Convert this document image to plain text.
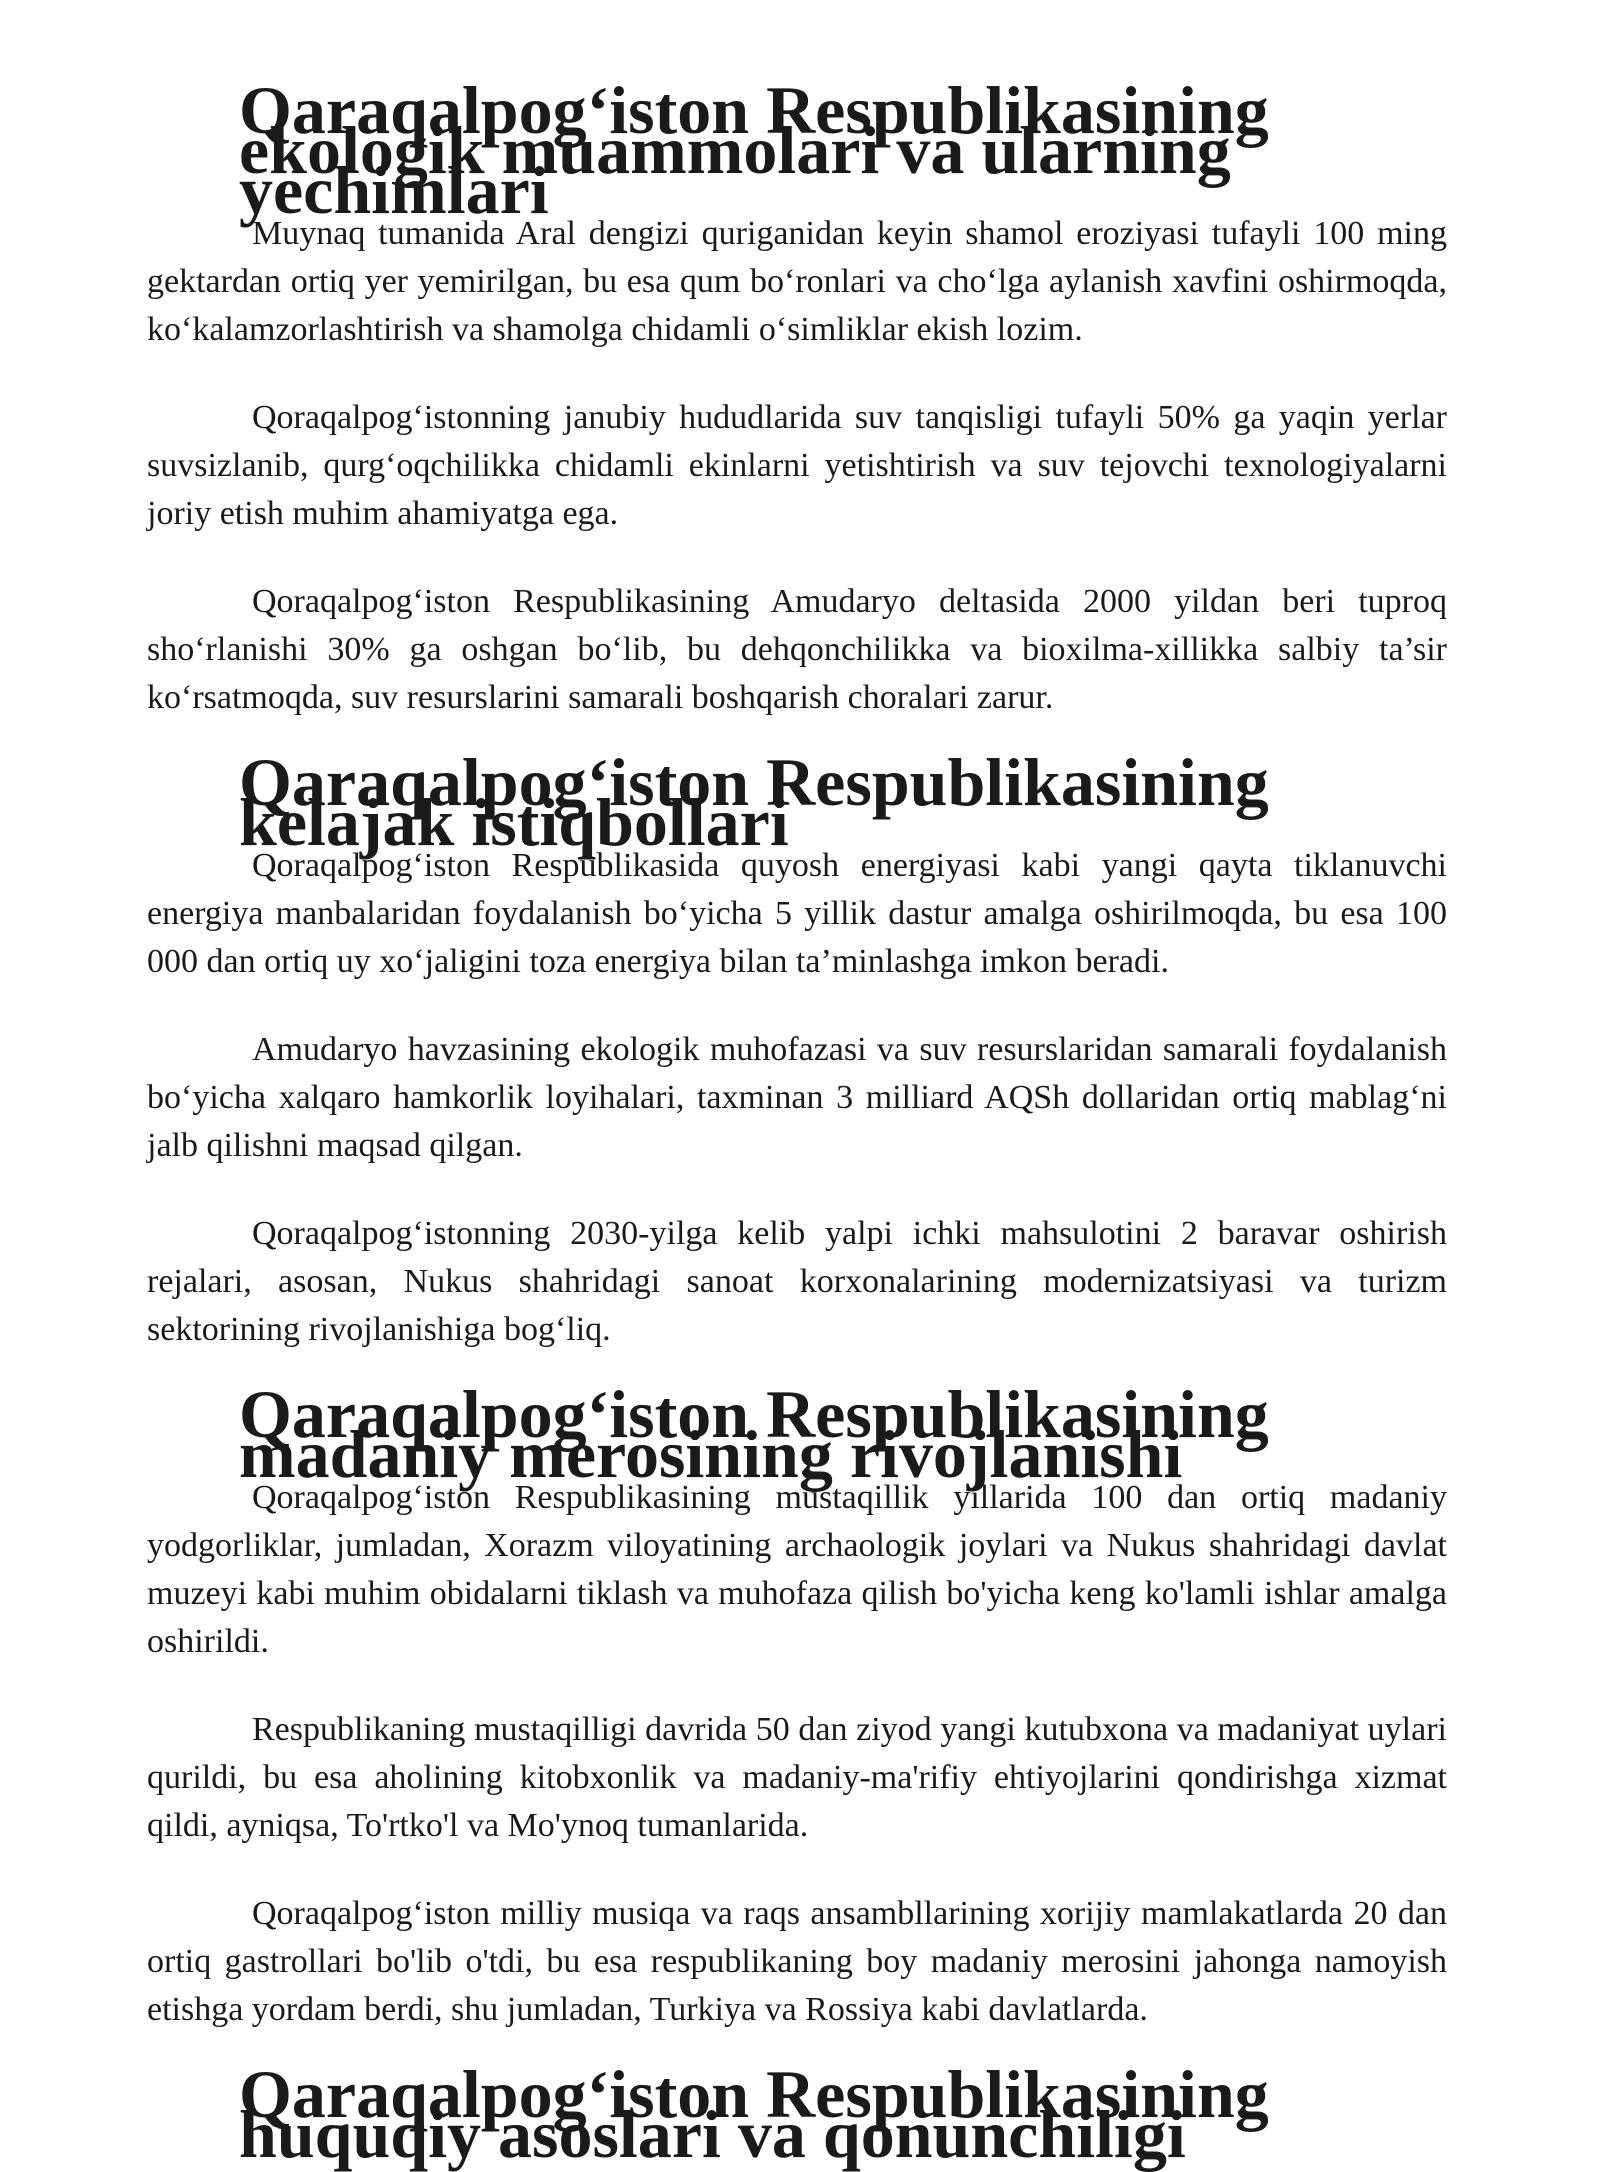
Qaraqalpog‘iston Respublikasining ekologik muammolari va ularning yechimlari

Muynaq tumanida Aral dengizi quriganidan keyin shamol eroziyasi tufayli 100 ming gektardan ortiq yer yemirilgan, bu esa qum bo‘ronlari va cho‘lga aylanish xavfini oshirmoqda, ko‘kalamzorlashtirish va shamolga chidamli o‘simliklar ekish lozim.

Qoraqalpog‘istonning janubiy hududlarida suv tanqisligi tufayli 50% ga yaqin yerlar suvsizlanib, qurg‘oqchilikka chidamli ekinlarni yetishtirish va suv tejovchi texnologiyalarni joriy etish muhim ahamiyatga ega.

Qoraqalpog‘iston Respublikasining Amudaryo deltasida 2000 yildan beri tuproq sho‘rlanishi 30% ga oshgan bo‘lib, bu dehqonchilikka va bioxilma-xillikka salbiy ta’sir ko‘rsatmoqda, suv resurslarini samarali boshqarish choralari zarur.

Qaraqalpog‘iston Respublikasining kelajak istiqbollari

Qoraqalpog‘iston Respublikasida quyosh energiyasi kabi yangi qayta tiklanuvchi energiya manbalaridan foydalanish bo‘yicha 5 yillik dastur amalga oshirilmoqda, bu esa 100 000 dan ortiq uy xo‘jaligini toza energiya bilan ta’minlashga imkon beradi.

Amudaryo havzasining ekologik muhofazasi va suv resurslaridan samarali foydalanish bo‘yicha xalqaro hamkorlik loyihalari, taxminan 3 milliard AQSh dollaridan ortiq mablag‘ni jalb qilishni maqsad qilgan.

Qoraqalpog‘istonning 2030-yilga kelib yalpi ichki mahsulotini 2 baravar oshirish rejalari, asosan, Nukus shahridagi sanoat korxonalarining modernizatsiyasi va turizm sektorining rivojlanishiga bog‘liq.

Qaraqalpog‘iston Respublikasining madaniy merosining rivojlanishi

Qoraqalpog‘iston Respublikasining mustaqillik yillarida 100 dan ortiq madaniy yodgorliklar, jumladan, Xorazm viloyatining archaologik joylari va Nukus shahridagi davlat muzeyi kabi muhim obidalarni tiklash va muhofaza qilish bo'yicha keng ko'lamli ishlar amalga oshirildi.

Respublikaning mustaqilligi davrida 50 dan ziyod yangi kutubxona va madaniyat uylari qurildi, bu esa aholining kitobxonlik va madaniy-ma'rifiy ehtiyojlarini qondirishga xizmat qildi, ayniqsa, To'rtko'l va Mo'ynoq tumanlarida.

Qoraqalpog‘iston milliy musiqa va raqs ansambllarining xorijiy mamlakatlarda 20 dan ortiq gastrollari bo'lib o'tdi, bu esa respublikaning boy madaniy merosini jahonga namoyish etishga yordam berdi, shu jumladan, Turkiya va Rossiya kabi davlatlarda.

Qaraqalpog‘iston Respublikasining huquqiy asoslari va qonunchiligi
